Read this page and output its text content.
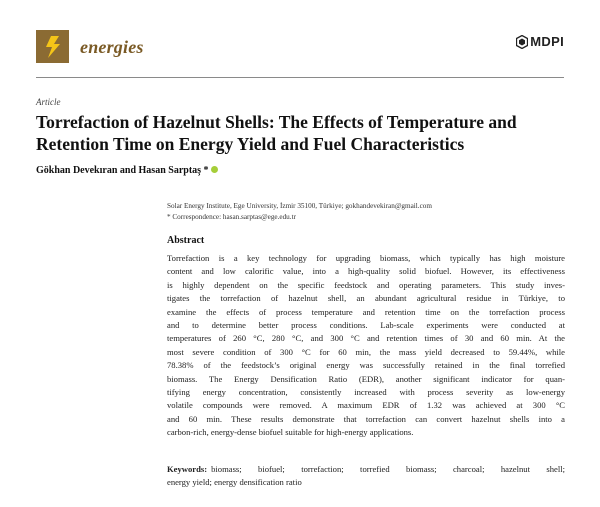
energies	MDPI
Article
Torrefaction of Hazelnut Shells: The Effects of Temperature and
Retention Time on Energy Yield and Fuel Characteristics
Gökhan Devekıran and Hasan Sarptaş *
Solar Energy Institute, Ege University, İzmir 35100, Türkiye; gokhandevekiran@gmail.com
* Correspondence: hasan.sarptas@ege.edu.tr
Abstract
Torrefaction is a key technology for upgrading biomass, which typically has high moisture
content and low calorific value, into a high-quality solid biofuel. However, its effectiveness
is highly dependent on the specific feedstock and operating parameters. This study inves-
tigates the torrefaction of hazelnut shell, an abundant agricultural residue in Türkiye, to
examine the effects of process temperature and retention time on the torrefaction process
and to determine better process conditions. Lab-scale experiments were conducted at
temperatures of 260 °C, 280 °C, and 300 °C and retention times of 30 and 60 min. At the
most severe condition of 300 °C for 60 min, the mass yield decreased to 59.44%, while
78.38% of the feedstock’s original energy was successfully retained in the final torrefied
biomass. The Energy Densification Ratio (EDR), another significant indicator for quan-
tifying energy concentration, consistently increased with process severity as low-energy
volatile compounds were removed. A maximum EDR of 1.32 was achieved at 300 °C
and 60 min. These results demonstrate that torrefaction can convert hazelnut shells into a
carbon-rich, energy-dense biofuel suitable for high-energy applications.
Keywords: biomass; biofuel; torrefaction; torrefied biomass; charcoal; hazelnut shell;
energy yield; energy densification ratio
